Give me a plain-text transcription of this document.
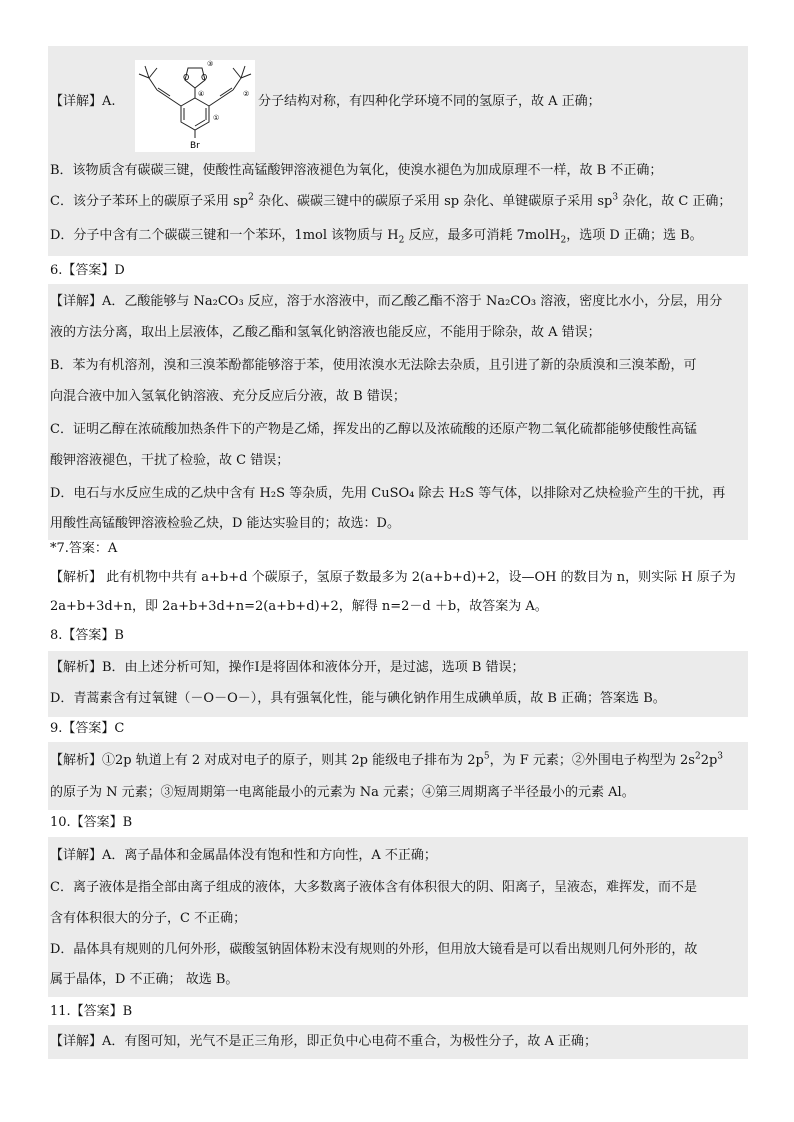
【详解】A.
O O
Br
①
②
③
④	分子结构对称，有四种化学环境不同的氢原子，故 A 正确；
B．该物质含有碳碳三键，使酸性高锰酸钾溶液褪色为氧化，使溴水褪色为加成原理不一样，故 B 不正确；
C．该分子苯环上的碳原子采用 $sp^2$ 杂化、碳碳三键中的碳原子采用 sp 杂化、单键碳原子采用 $sp^3$ 杂化，故 C 正确；
D．分子中含有二个碳碳三键和一个苯环，1mol 该物质与 $H_2$ 反应，最多可消耗 7molH$_2$，选项 D 正确；选 B。
6.【答案】D
【详解】A．乙酸能够与 Na₂CO₃ 反应，溶于水溶液中，而乙酸乙酯不溶于 Na₂CO₃ 溶液，密度比水小，分层，用分
液的方法分离，取出上层液体，乙酸乙酯和氢氧化钠溶液也能反应，不能用于除杂，故 A 错误；
B．苯为有机溶剂，溴和三溴苯酚都能够溶于苯，使用浓溴水无法除去杂质，且引进了新的杂质溴和三溴苯酚，可
向混合液中加入氢氧化钠溶液、充分反应后分液，故 B 错误；
C．证明乙醇在浓硫酸加热条件下的产物是乙烯，挥发出的乙醇以及浓硫酸的还原产物二氧化硫都能够使酸性高锰
酸钾溶液褪色，干扰了检验，故 C 错误；
D．电石与水反应生成的乙炔中含有 H₂S 等杂质，先用 CuSO₄ 除去 H₂S 等气体，以排除对乙炔检验产生的干扰，再
用酸性高锰酸钾溶液检验乙炔，D 能达实验目的；故选：D。
*7.答案：A
【解析】 此有机物中共有 a+b+d 个碳原子，氢原子数最多为 2(a+b+d)+2，设—OH 的数目为 n，则实际 H 原子为
2a+b+3d+n，即 2a+b+3d+n=2(a+b+d)+2，解得 n=2－d ＋b，故答案为 A。
8.【答案】B
【解析】B．由上述分析可知，操作Ⅰ是将固体和液体分开，是过滤，选项 B 错误；
D．青蒿素含有过氧键（－O－O－），具有强氧化性，能与碘化钠作用生成碘单质，故 B 正确；答案选 B。
9.【答案】C
【解析】①2p 轨道上有 2 对成对电子的原子，则其 2p 能级电子排布为 $2p^5$，为 F 元素；②外围电子构型为 $2s^22p^3$
的原子为 N 元素；③短周期第一电离能最小的元素为 Na 元素；④第三周期离子半径最小的元素 Al。
10.【答案】B
【详解】A．离子晶体和金属晶体没有饱和性和方向性，A 不正确；
C．离子液体是指全部由离子组成的液体，大多数离子液体含有体积很大的阴、阳离子，呈液态，难挥发，而不是
含有体积很大的分子，C 不正确；
D．晶体具有规则的几何外形，碳酸氢钠固体粉末没有规则的外形，但用放大镜看是可以看出规则几何外形的，故
属于晶体，D 不正确； 故选 B。
11.【答案】B
【详解】A．有图可知，光气不是正三角形，即正负中心电荷不重合，为极性分子，故 A 正确；
